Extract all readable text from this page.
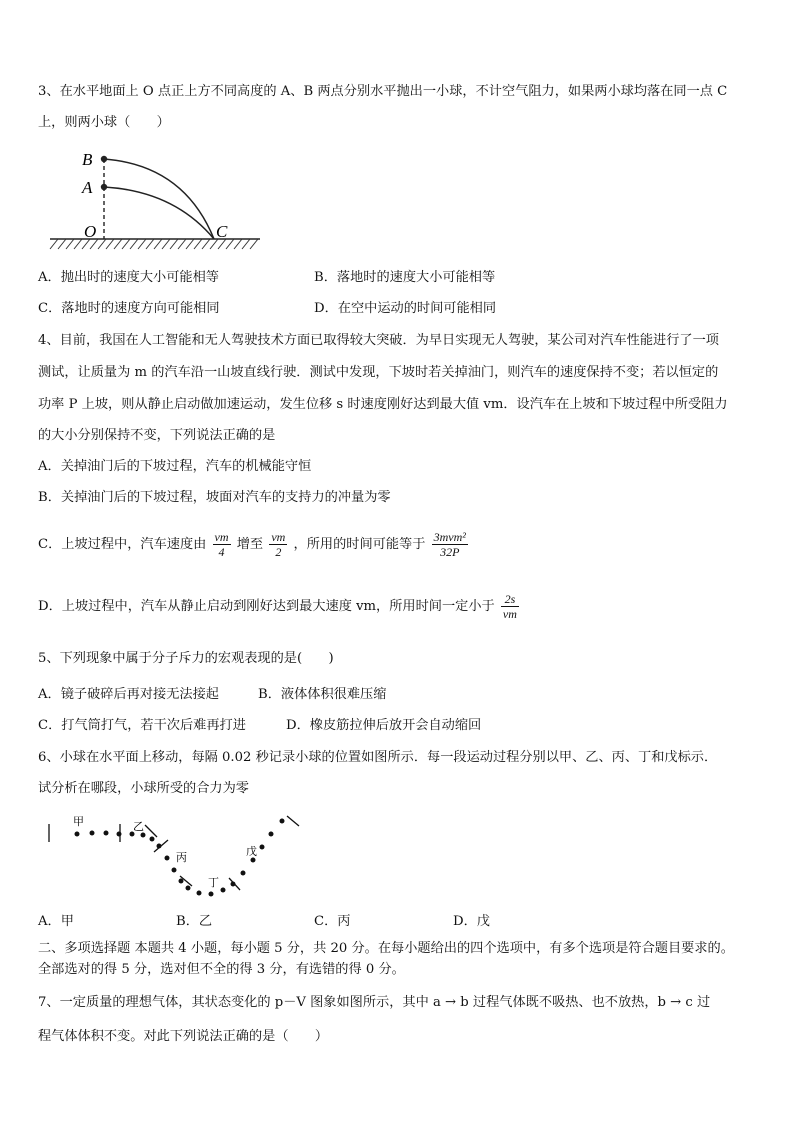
3、在水平地面上 O 点正上方不同高度的 A、B 两点分别水平抛出一小球，不计空气阻力，如果两小球均落在同一点 C
上，则两小球（　　）
B
A
O	C
A．抛出时的速度大小可能相等	B．落地时的速度大小可能相等
C．落地时的速度方向可能相同	D．在空中运动的时间可能相同
4、目前，我国在人工智能和无人驾驶技术方面已取得较大突破．为早日实现无人驾驶，某公司对汽车性能进行了一项
测试，让质量为 m 的汽车沿一山坡直线行驶．测试中发现，下坡时若关掉油门，则汽车的速度保持不变；若以恒定的
功率 P 上坡，则从静止启动做加速运动，发生位移 s 时速度刚好达到最大值 vm．设汽车在上坡和下坡过程中所受阻力
的大小分别保持不变，下列说法正确的是
A．关掉油门后的下坡过程，汽车的机械能守恒
B．关掉油门后的下坡过程，坡面对汽车的支持力的冲量为零
C．上坡过程中，汽车速度由 $\frac{vm}{4}$ 增至 $\frac{vm}{2}$ ，所用的时间可能等于 $\frac{\text{3mvm²}}{32P}$
D．上坡过程中，汽车从静止启动到刚好达到最大速度 vm，所用时间一定小于 $\frac{2s}{vm}$
5、下列现象中属于分子斥力的宏观表现的是(　　)
A．镜子破碎后再对接无法接起	B．液体体积很难压缩
C．打气筒打气，若干次后难再打进	D．橡皮筋拉伸后放开会自动缩回
6、小球在水平面上移动，每隔 0.02 秒记录小球的位置如图所示．每一段运动过程分别以甲、乙、丙、丁和戊标示．
试分析在哪段，小球所受的合力为零
甲	乙
丙
丁
戊
A．甲	B．乙	C．丙	D．戊
二、多项选择题 本题共 4 小题，每小题 5 分，共 20 分。在每小题给出的四个选项中，有多个选项是符合题目要求的。
全部选对的得 5 分，选对但不全的得 3 分，有选错的得 0 分。
7、一定质量的理想气体，其状态变化的 p－V 图象如图所示，其中 a → b 过程气体既不吸热、也不放热，b → c 过
程气体体积不变。对此下列说法正确的是（　　）
